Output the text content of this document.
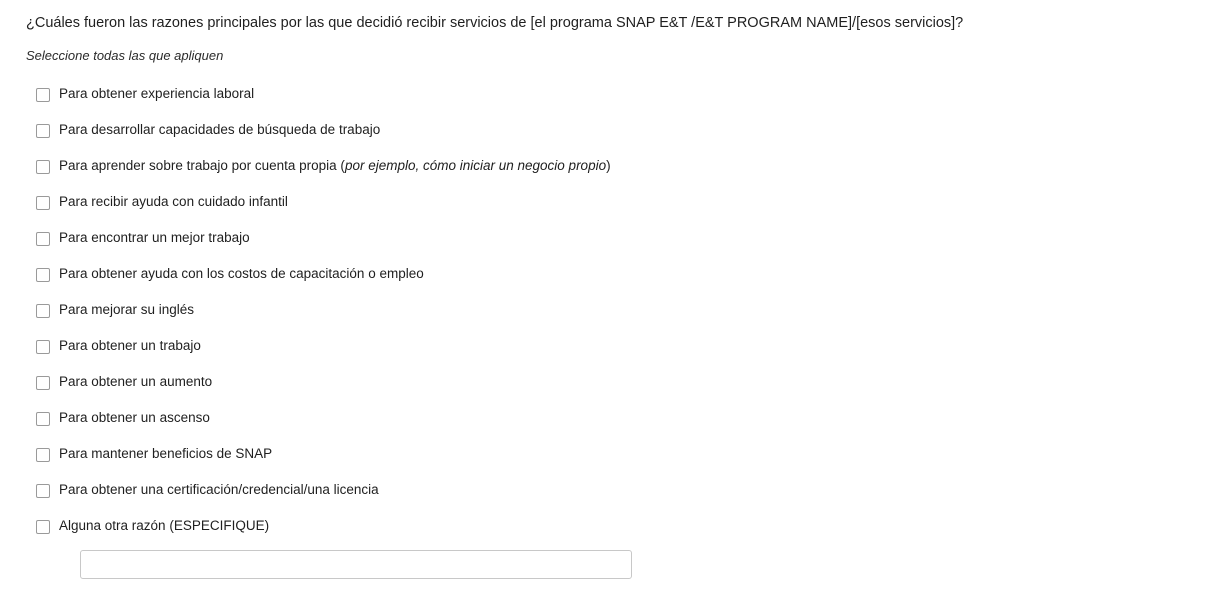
¿Cuáles fueron las razones principales por las que decidió recibir servicios de [el programa SNAP E&T /E&T PROGRAM NAME]/[esos servicios]?
Seleccione todas las que apliquen
Para obtener experiencia laboral
Para desarrollar capacidades de búsqueda de trabajo
Para aprender sobre trabajo por cuenta propia (por ejemplo, cómo iniciar un negocio propio)
Para recibir ayuda con cuidado infantil
Para encontrar un mejor trabajo
Para obtener ayuda con los costos de capacitación o empleo
Para mejorar su inglés
Para obtener un trabajo
Para obtener un aumento
Para obtener un ascenso
Para mantener beneficios de SNAP
Para obtener una certificación/credencial/una licencia
Alguna otra razón (ESPECIFIQUE)
